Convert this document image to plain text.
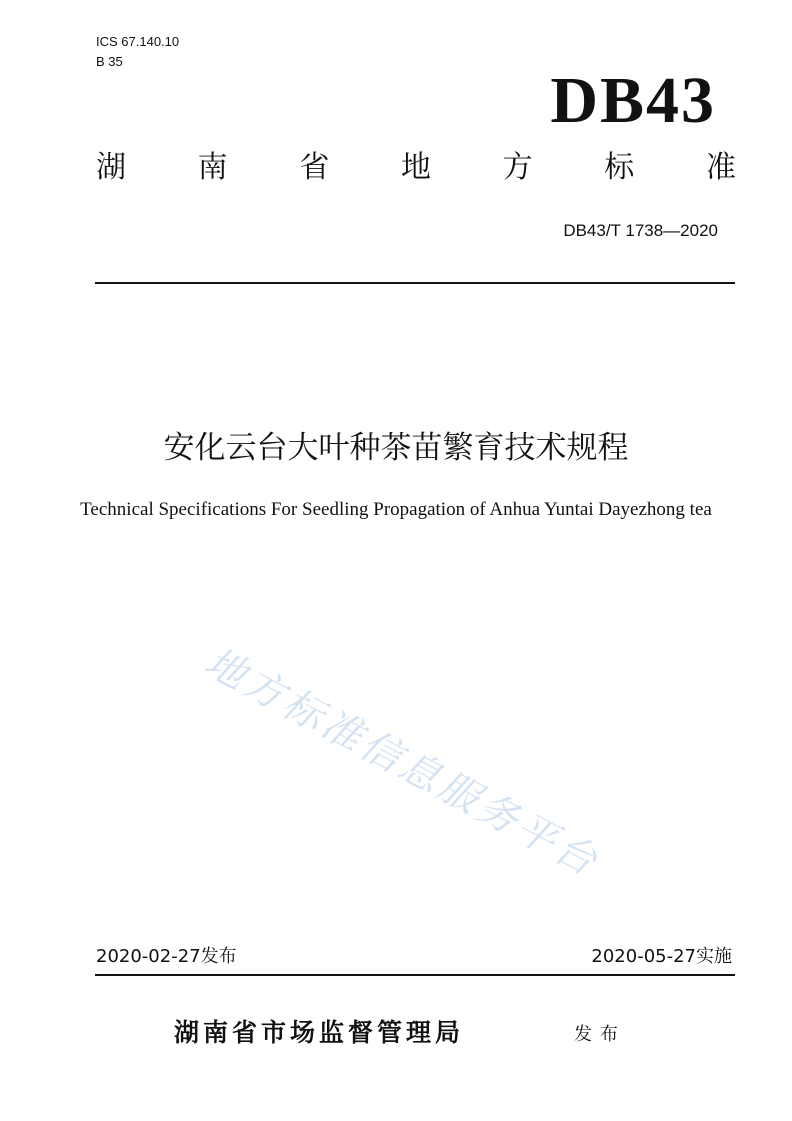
ICS 67.140.10
B 35
DB43
湖 南 省 地 方 标 准
DB43/T 1738—2020
安化云台大叶种茶苗繁育技术规程
Technical Specifications For Seedling Propagation of Anhua Yuntai Dayezhong tea
地方标准信息服务平台
2020-02-27发布	2020-05-27实施
湖南省市场监督管理局	发布
